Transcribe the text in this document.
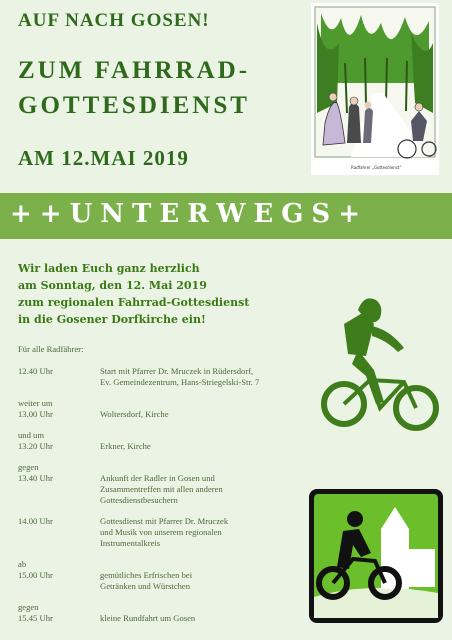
AUF NACH GOSEN!
ZUM FAHRRAD-
GOTTESDIENST
AM 12.MAI 2019	Radfahrer „Gottesdienst“
++UNTERWEGS+
Wir laden Euch ganz herzlich
am Sonntag, den 12. Mai 2019
zum regionalen Fahrrad-Gottesdienst
in die Gosener Dorfkirche ein!
Für alle Radfährer:
12.40 Uhr	Start mit Pfarrer Dr. Mruczek in Rüdersdorf,
Ev. Gemeindezentrum, Hans-Striegelski-Str. 7
weiter um
13.00 Uhr	Woltersdorf, Kirche
und um
13.20 Uhr	Erkner, Kirche
gegen
13.40 Uhr	Ankunft der Radler in Gosen und
Zusammentreffen mit allen anderen
Gottesdienstbesuchern
14.00 Uhr	Gottesdienst mit Pfarrer Dr. Mruczek
und Musik von unserem regionalen
Instrumentalkreis
ab
15.00 Uhr	gemütliches Erfrischen bei
Getränken und Würstchen
gegen
15.45 Uhr	kleine Rundfahrt um Gosen
